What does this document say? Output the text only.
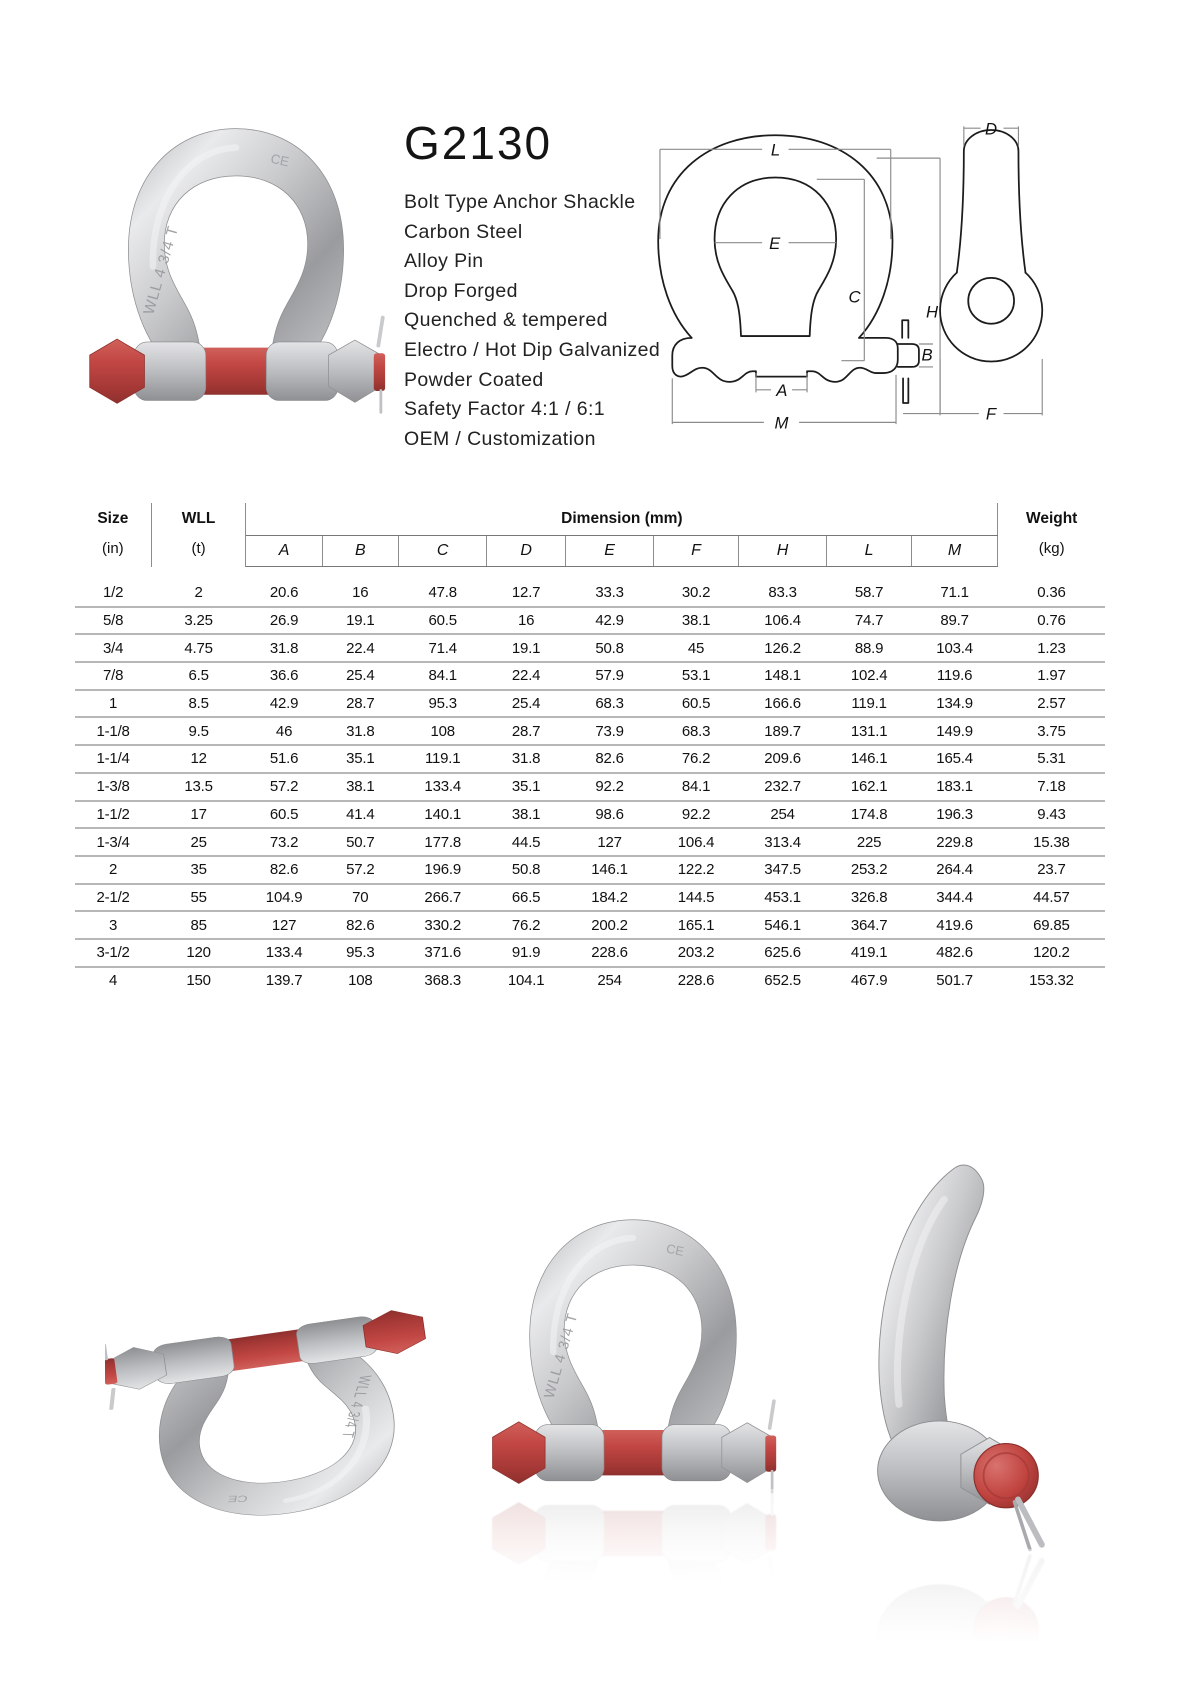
G2130
Bolt Type Anchor Shackle
Carbon Steel
Alloy Pin
Drop Forged
Quenched & tempered
Electro / Hot Dip Galvanized
Powder Coated
Safety Factor 4:1 / 6:1
OEM / Customization
L
E
C
H
B
A
M
D
F
Size	WLL	Dimension (mm)									Weight
(in)	(t)	A	B	C	D	E	F	H	L	M	(kg)
1/2	2	20.6	16	47.8	12.7	33.3	30.2	83.3	58.7	71.1	0.36
5/8	3.25	26.9	19.1	60.5	16	42.9	38.1	106.4	74.7	89.7	0.76
3/4	4.75	31.8	22.4	71.4	19.1	50.8	45	126.2	88.9	103.4	1.23
7/8	6.5	36.6	25.4	84.1	22.4	57.9	53.1	148.1	102.4	119.6	1.97
1	8.5	42.9	28.7	95.3	25.4	68.3	60.5	166.6	119.1	134.9	2.57
1-1/8	9.5	46	31.8	108	28.7	73.9	68.3	189.7	131.1	149.9	3.75
1-1/4	12	51.6	35.1	119.1	31.8	82.6	76.2	209.6	146.1	165.4	5.31
1-3/8	13.5	57.2	38.1	133.4	35.1	92.2	84.1	232.7	162.1	183.1	7.18
1-1/2	17	60.5	41.4	140.1	38.1	98.6	92.2	254	174.8	196.3	9.43
1-3/4	25	73.2	50.7	177.8	44.5	127	106.4	313.4	225	229.8	15.38
2	35	82.6	57.2	196.9	50.8	146.1	122.2	347.5	253.2	264.4	23.7
2-1/2	55	104.9	70	266.7	66.5	184.2	144.5	453.1	326.8	344.4	44.57
3	85	127	82.6	330.2	76.2	200.2	165.1	546.1	364.7	419.6	69.85
3-1/2	120	133.4	95.3	371.6	91.9	228.6	203.2	625.6	419.1	482.6	120.2
4	150	139.7	108	368.3	104.1	254	228.6	652.5	467.9	501.7	153.32
